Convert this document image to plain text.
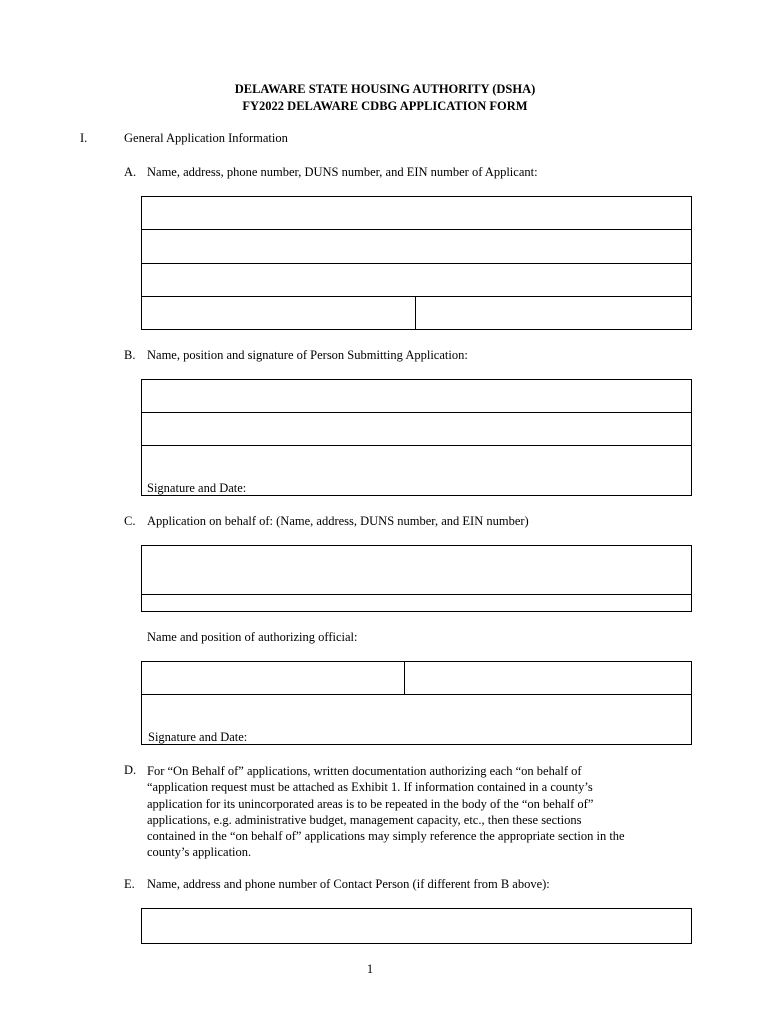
DELAWARE STATE HOUSING AUTHORITY (DSHA)
FY2022 DELAWARE CDBG APPLICATION FORM
I.	General Application Information
A. Name, address, phone number, DUNS number, and EIN number of Applicant:
B. Name, position and signature of Person Submitting Application:
Signature and Date:
C. Application on behalf of: (Name, address, DUNS number, and EIN number)
Name and position of authorizing official:
Signature and Date:
D. For “On Behalf of” applications, written documentation authorizing each “on behalf of
“application request must be attached as Exhibit 1. If information contained in a county’s
application for its unincorporated areas is to be repeated in the body of the “on behalf of”
applications, e.g. administrative budget, management capacity, etc., then these sections
contained in the “on behalf of” applications may simply reference the appropriate section in the
county’s application.
E. Name, address and phone number of Contact Person (if different from B above):
1
